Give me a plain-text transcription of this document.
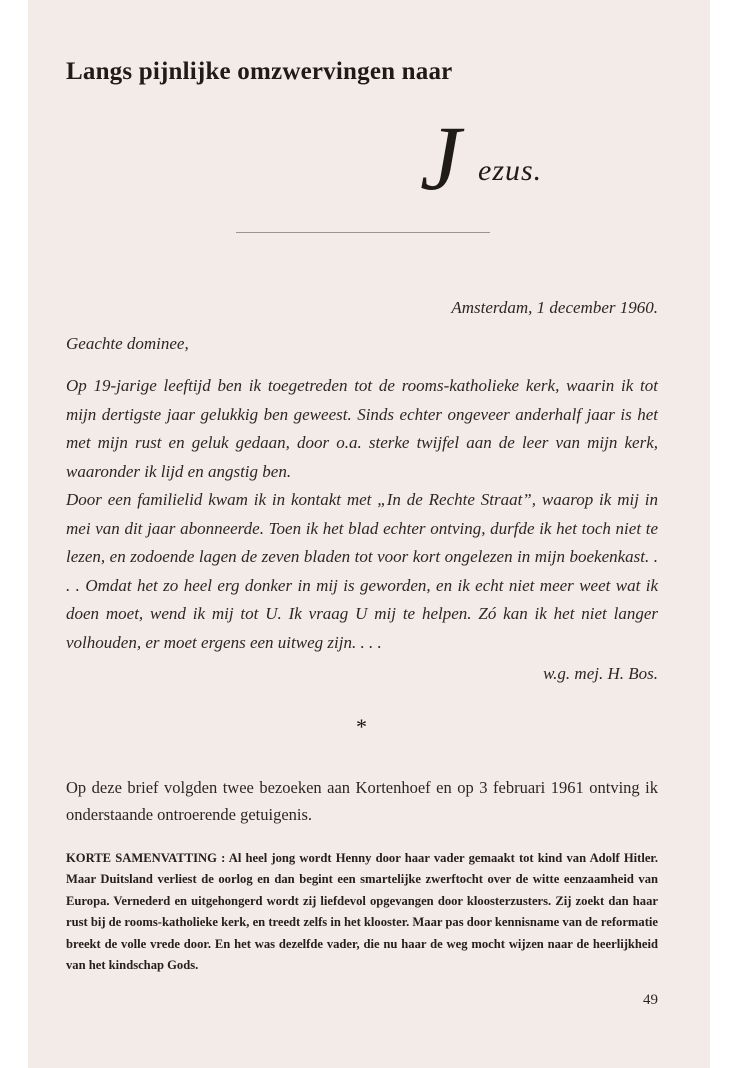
Langs pijnlijke omzwervingen naar
J ezus.
Amsterdam, 1 december 1960.
Geachte dominee,

Op 19-jarige leeftijd ben ik toegetreden tot de rooms-katholieke kerk, waarin ik tot mijn dertigste jaar gelukkig ben geweest. Sinds echter ongeveer anderhalf jaar is het met mijn rust en geluk gedaan, door o.a. sterke twijfel aan de leer van mijn kerk, waaronder ik lijd en angstig ben.

Door een familielid kwam ik in kontakt met „In de Rechte Straat”, waarop ik mij in mei van dit jaar abonneerde. Toen ik het blad echter ontving, durfde ik het toch niet te lezen, en zodoende lagen de zeven bladen tot voor kort ongelezen in mijn boekenkast. . . . Omdat het zo heel erg donker in mij is geworden, en ik echt niet meer weet wat ik doen moet, wend ik mij tot U. Ik vraag U mij te helpen. Zó kan ik het niet langer volhouden, er moet ergens een uitweg zijn. . . .

w.g. mej. H. Bos.
*

Op deze brief volgden twee bezoeken aan Kortenhoef en op 3 februari 1961 ontving ik onderstaande ontroerende getuigenis.

KORTE SAMENVATTING : Al heel jong wordt Henny door haar vader gemaakt tot kind van Adolf Hitler. Maar Duitsland verliest de oorlog en dan begint een smartelijke zwerftocht over de witte eenzaamheid van Europa. Vernederd en uitgehongerd wordt zij liefdevol opgevangen door kloosterzusters. Zij zoekt dan haar rust bij de rooms-katholieke kerk, en treedt zelfs in het klooster. Maar pas door kennisname van de reformatie breekt de volle vrede door. En het was dezelfde vader, die nu haar de weg mocht wijzen naar de heerlijkheid van het kindschap Gods.

49
